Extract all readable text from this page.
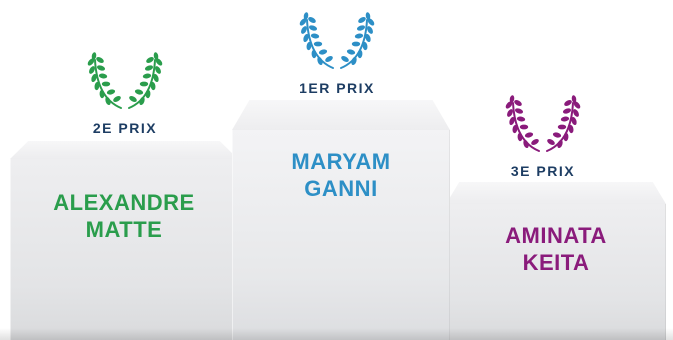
2E PRIX
1ER PRIX
3E PRIX
ALEXANDRE
MATTE
MARYAM
GANNI
AMINATA
KEITA
